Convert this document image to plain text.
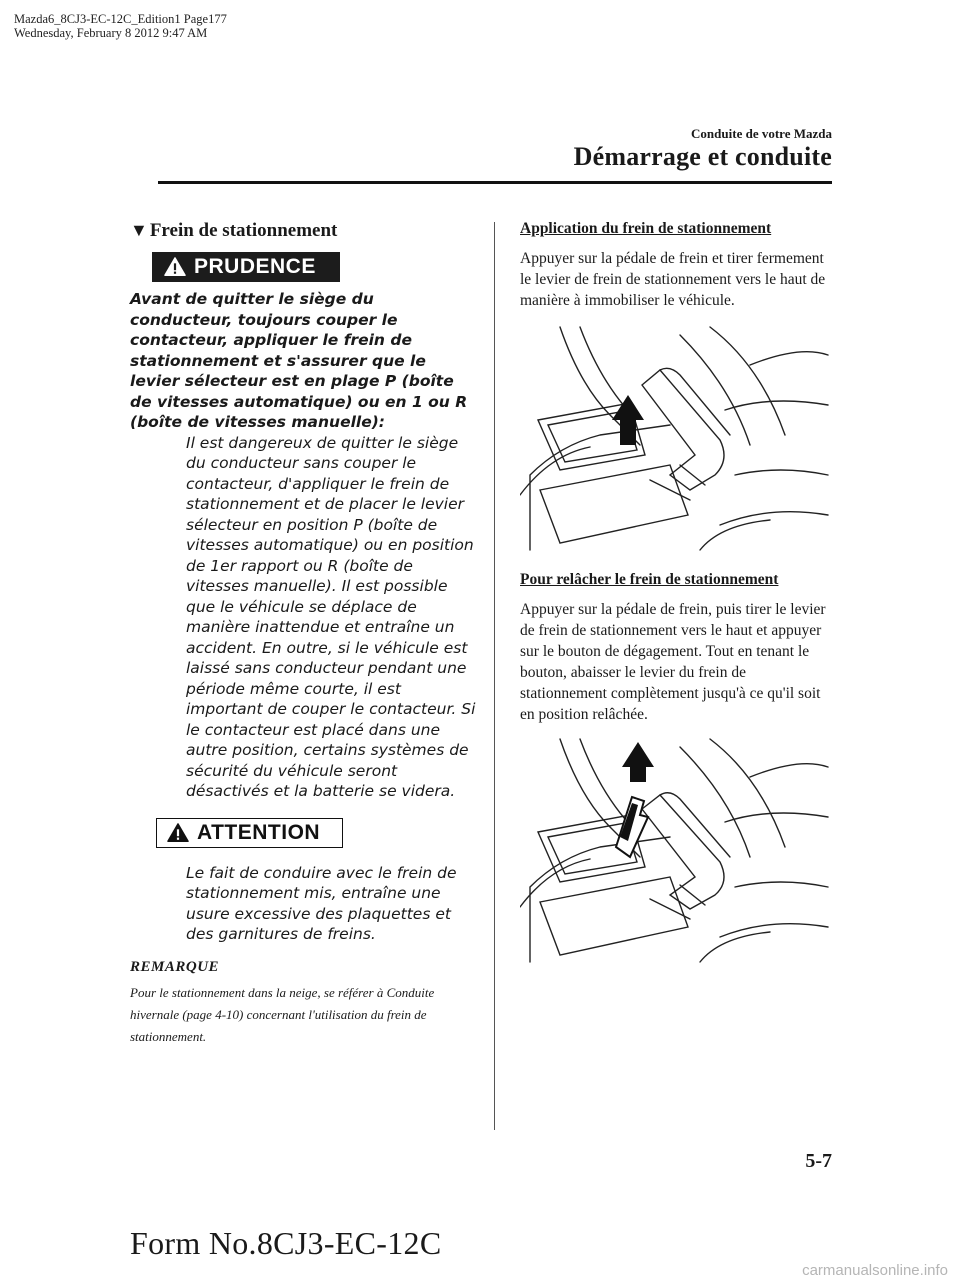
Mazda6_8CJ3-EC-12C_Edition1 Page177
Wednesday, February 8 2012 9:47 AM
Conduite de votre Mazda
Démarrage et conduite
▼ Frein de stationnement
PRUDENCE
Avant de quitter le siège du conducteur, toujours couper le contacteur, appliquer le frein de stationnement et s'assurer que le levier sélecteur est en plage P (boîte de vitesses automatique) ou en 1 ou R (boîte de vitesses manuelle):
Il est dangereux de quitter le siège du conducteur sans couper le contacteur, d'appliquer le frein de stationnement et de placer le levier sélecteur en position P (boîte de vitesses automatique) ou en position de 1er rapport ou R (boîte de vitesses manuelle). Il est possible que le véhicule se déplace de manière inattendue et entraîne un accident. En outre, si le véhicule est laissé sans conducteur pendant une période même courte, il est important de couper le contacteur. Si le contacteur est placé dans une autre position, certains systèmes de sécurité du véhicule seront désactivés et la batterie se videra.
ATTENTION
Le fait de conduire avec le frein de stationnement mis, entraîne une usure excessive des plaquettes et des garnitures de freins.
REMARQUE
Pour le stationnement dans la neige, se référer à Conduite hivernale (page 4-10) concernant l'utilisation du frein de stationnement.
Application du frein de stationnement
Appuyer sur la pédale de frein et tirer fermement le levier de frein de stationnement vers le haut de manière à immobiliser le véhicule.
Pour relâcher le frein de stationnement
Appuyer sur la pédale de frein, puis tirer le levier de frein de stationnement vers le haut et appuyer sur le bouton de dégagement. Tout en tenant le bouton, abaisser le levier du frein de stationnement complètement jusqu'à ce qu'il soit en position relâchée.
5-7
Form No.8CJ3-EC-12C
carmanualsonline.info
